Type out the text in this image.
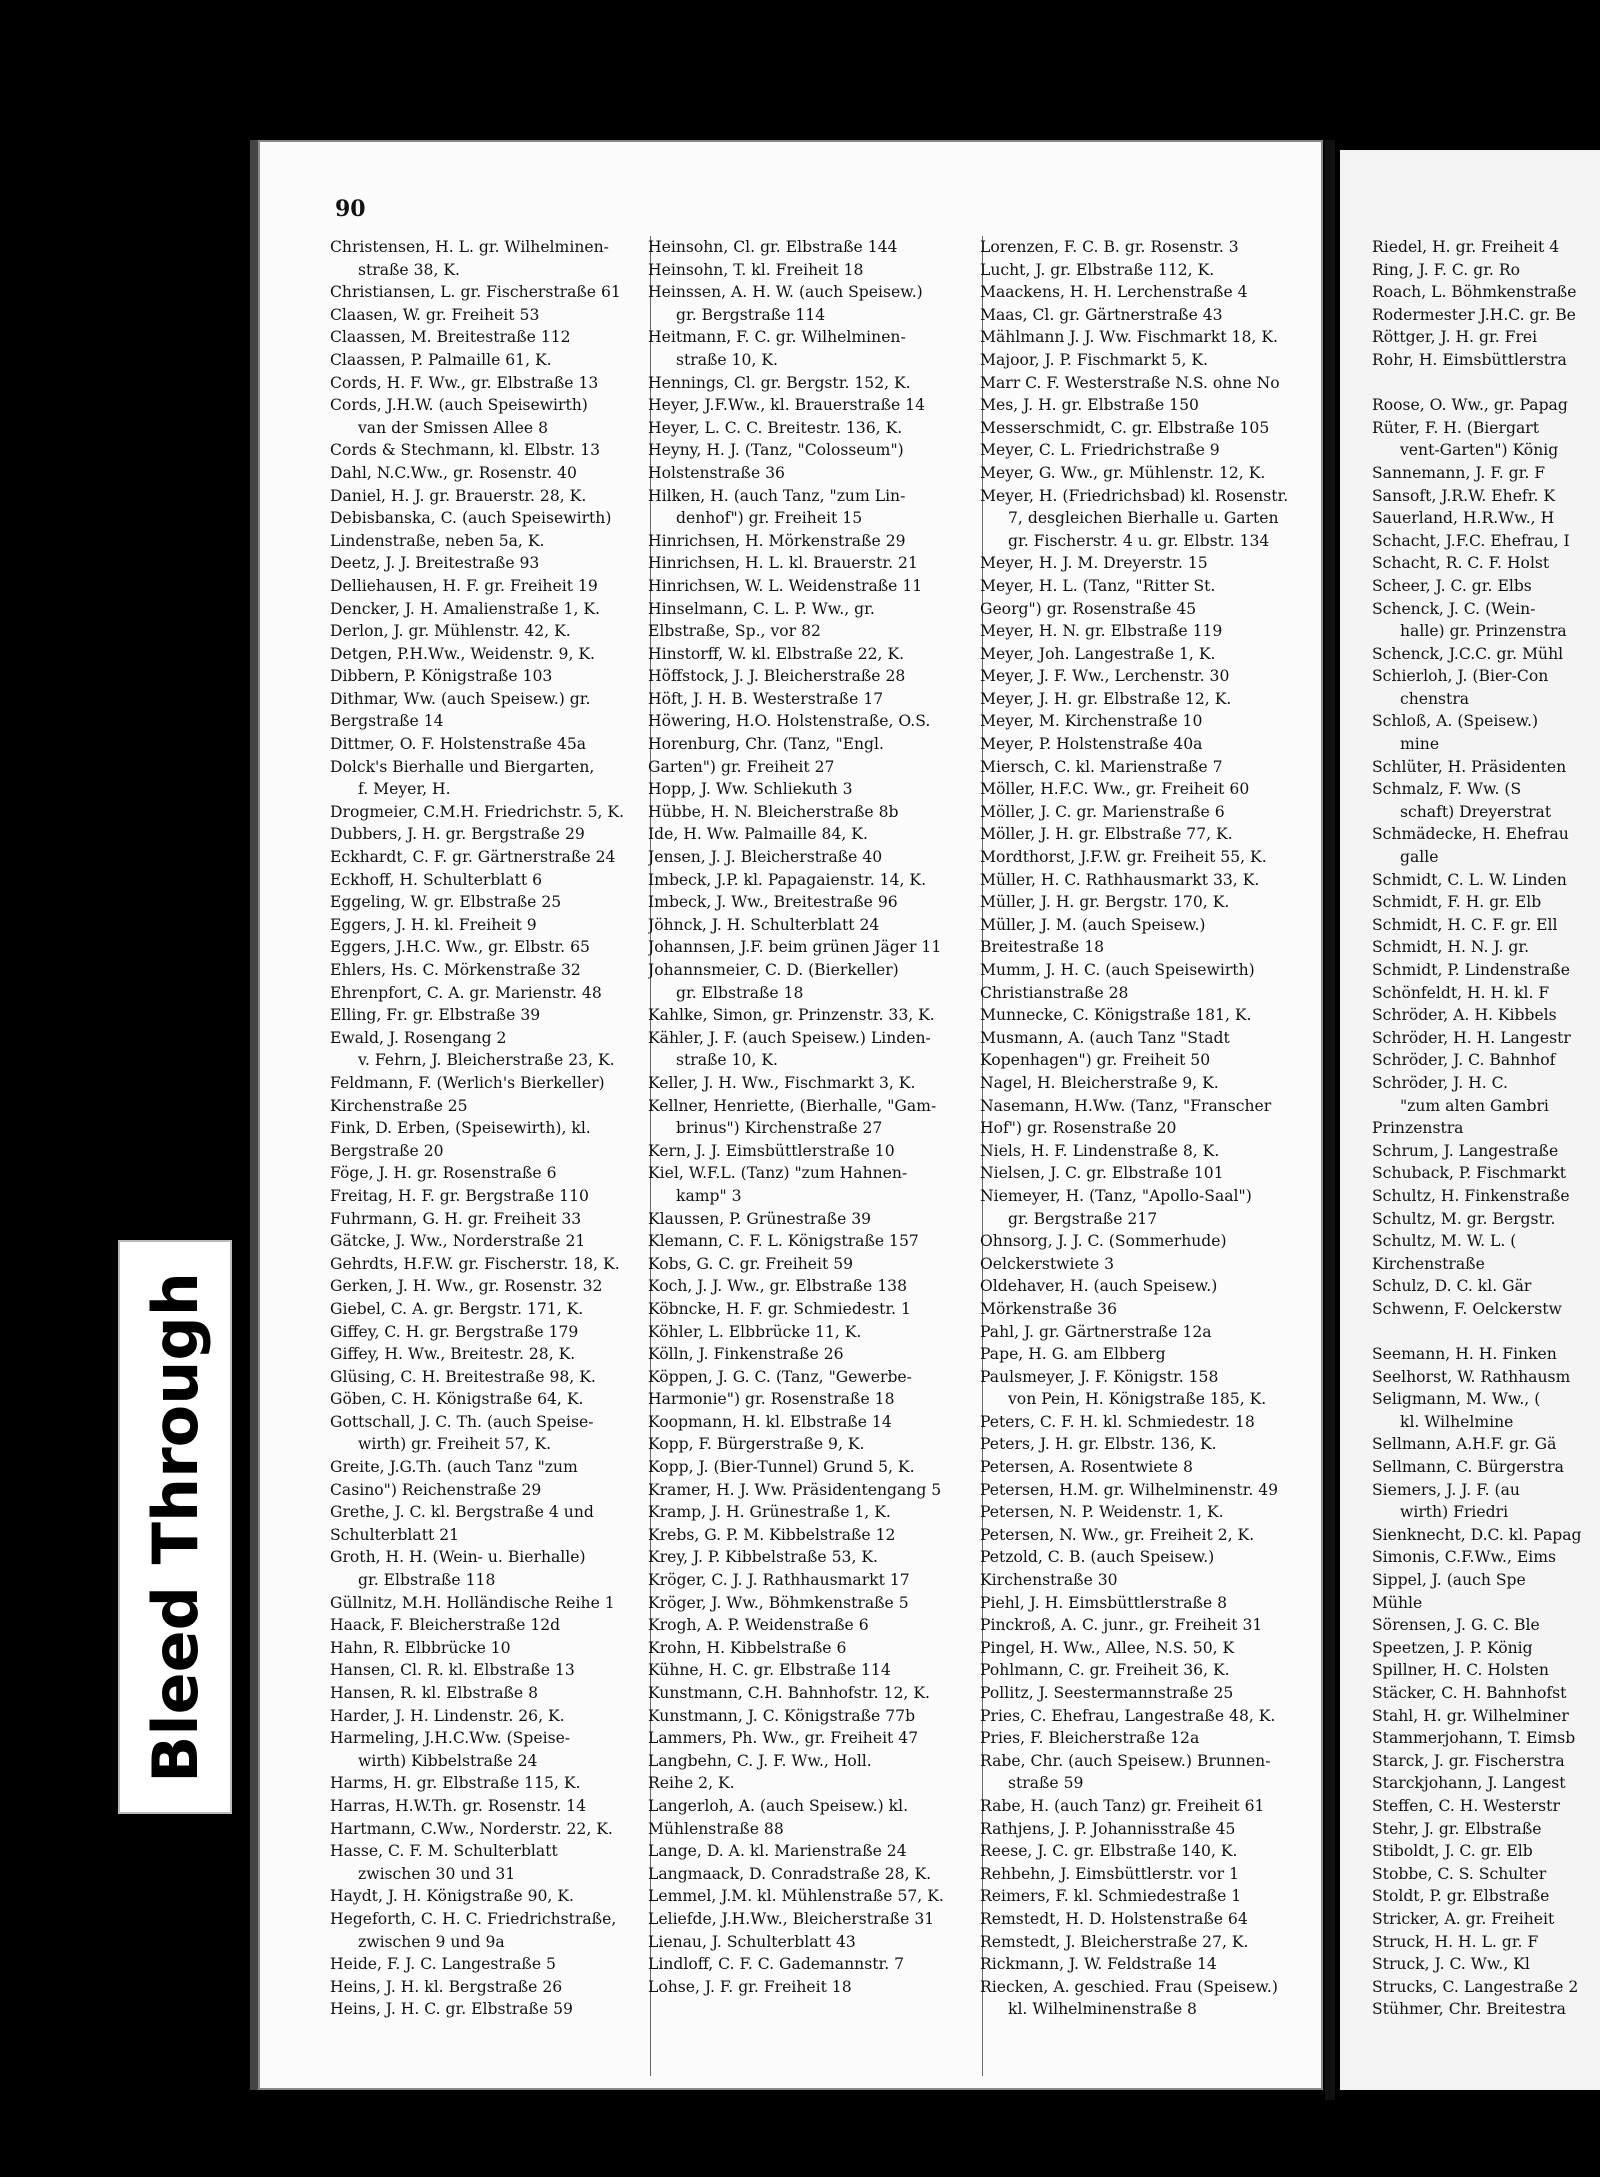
Bleed Through
90
Christensen, H. L. gr. Wilhelminen-
straße 38, K.
Christiansen, L. gr. Fischerstraße 61
Claasen, W. gr. Freiheit 53
Claassen, M. Breitestraße 112
Claassen, P. Palmaille 61, K.
Cords, H. F. Ww., gr. Elbstraße 13
Cords, J.H.W. (auch Speisewirth)
van der Smissen Allee 8
Cords & Stechmann, kl. Elbstr. 13
Dahl, N.C.Ww., gr. Rosenstr. 40
Daniel, H. J. gr. Brauerstr. 28, K.
Debisbanska, C. (auch Speisewirth)
Lindenstraße, neben 5a, K.
Deetz, J. J. Breitestraße 93
Delliehausen, H. F. gr. Freiheit 19
Dencker, J. H. Amalienstraße 1, K.
Derlon, J. gr. Mühlenstr. 42, K.
Detgen, P.H.Ww., Weidenstr. 9, K.
Dibbern, P. Königstraße 103
Dithmar, Ww. (auch Speisew.) gr.
Bergstraße 14
Dittmer, O. F. Holstenstraße 45a
Dolck's Bierhalle und Biergarten,
f. Meyer, H.
Drogmeier, C.M.H. Friedrichstr. 5, K.
Dubbers, J. H. gr. Bergstraße 29
Eckhardt, C. F. gr. Gärtnerstraße 24
Eckhoff, H. Schulterblatt 6
Eggeling, W. gr. Elbstraße 25
Eggers, J. H. kl. Freiheit 9
Eggers, J.H.C. Ww., gr. Elbstr. 65
Ehlers, Hs. C. Mörkenstraße 32
Ehrenpfort, C. A. gr. Marienstr. 48
Elling, Fr. gr. Elbstraße 39
Ewald, J. Rosengang 2
v. Fehrn, J. Bleicherstraße 23, K.
Feldmann, F. (Werlich's Bierkeller)
Kirchenstraße 25
Fink, D. Erben, (Speisewirth), kl.
Bergstraße 20
Föge, J. H. gr. Rosenstraße 6
Freitag, H. F. gr. Bergstraße 110
Fuhrmann, G. H. gr. Freiheit 33
Gätcke, J. Ww., Norderstraße 21
Gehrdts, H.F.W. gr. Fischerstr. 18, K.
Gerken, J. H. Ww., gr. Rosenstr. 32
Giebel, C. A. gr. Bergstr. 171, K.
Giffey, C. H. gr. Bergstraße 179
Giffey, H. Ww., Breitestr. 28, K.
Glüsing, C. H. Breitestraße 98, K.
Göben, C. H. Königstraße 64, K.
Gottschall, J. C. Th. (auch Speise-
wirth) gr. Freiheit 57, K.
Greite, J.G.Th. (auch Tanz "zum
Casino") Reichenstraße 29
Grethe, J. C. kl. Bergstraße 4 und
Schulterblatt 21
Groth, H. H. (Wein- u. Bierhalle)
gr. Elbstraße 118
Güllnitz, M.H. Holländische Reihe 1
Haack, F. Bleicherstraße 12d
Hahn, R. Elbbrücke 10
Hansen, Cl. R. kl. Elbstraße 13
Hansen, R. kl. Elbstraße 8
Harder, J. H. Lindenstr. 26, K.
Harmeling, J.H.C.Ww. (Speise-
wirth) Kibbelstraße 24
Harms, H. gr. Elbstraße 115, K.
Harras, H.W.Th. gr. Rosenstr. 14
Hartmann, C.Ww., Norderstr. 22, K.
Hasse, C. F. M. Schulterblatt
zwischen 30 und 31
Haydt, J. H. Königstraße 90, K.
Hegeforth, C. H. C. Friedrichstraße,
zwischen 9 und 9a
Heide, F. J. C. Langestraße 5
Heins, J. H. kl. Bergstraße 26
Heins, J. H. C. gr. Elbstraße 59
Heinsohn, Cl. gr. Elbstraße 144
Heinsohn, T. kl. Freiheit 18
Heinssen, A. H. W. (auch Speisew.)
gr. Bergstraße 114
Heitmann, F. C. gr. Wilhelminen-
straße 10, K.
Hennings, Cl. gr. Bergstr. 152, K.
Heyer, J.F.Ww., kl. Brauerstraße 14
Heyer, L. C. C. Breitestr. 136, K.
Heyny, H. J. (Tanz, "Colosseum")
Holstenstraße 36
Hilken, H. (auch Tanz, "zum Lin-
denhof") gr. Freiheit 15
Hinrichsen, H. Mörkenstraße 29
Hinrichsen, H. L. kl. Brauerstr. 21
Hinrichsen, W. L. Weidenstraße 11
Hinselmann, C. L. P. Ww., gr.
Elbstraße, Sp., vor 82
Hinstorff, W. kl. Elbstraße 22, K.
Höffstock, J. J. Bleicherstraße 28
Höft, J. H. B. Westerstraße 17
Höwering, H.O. Holstenstraße, O.S.
Horenburg, Chr. (Tanz, "Engl.
Garten") gr. Freiheit 27
Hopp, J. Ww. Schliekuth 3
Hübbe, H. N. Bleicherstraße 8b
Ide, H. Ww. Palmaille 84, K.
Jensen, J. J. Bleicherstraße 40
Imbeck, J.P. kl. Papagaienstr. 14, K.
Imbeck, J. Ww., Breitestraße 96
Jöhnck, J. H. Schulterblatt 24
Johannsen, J.F. beim grünen Jäger 11
Johannsmeier, C. D. (Bierkeller)
gr. Elbstraße 18
Kahlke, Simon, gr. Prinzenstr. 33, K.
Kähler, J. F. (auch Speisew.) Linden-
straße 10, K.
Keller, J. H. Ww., Fischmarkt 3, K.
Kellner, Henriette, (Bierhalle, "Gam-
brinus") Kirchenstraße 27
Kern, J. J. Eimsbüttlerstraße 10
Kiel, W.F.L. (Tanz) "zum Hahnen-
kamp" 3
Klaussen, P. Grünestraße 39
Klemann, C. F. L. Königstraße 157
Kobs, G. C. gr. Freiheit 59
Koch, J. J. Ww., gr. Elbstraße 138
Köbncke, H. F. gr. Schmiedestr. 1
Köhler, L. Elbbrücke 11, K.
Kölln, J. Finkenstraße 26
Köppen, J. G. C. (Tanz, "Gewerbe-
Harmonie") gr. Rosenstraße 18
Koopmann, H. kl. Elbstraße 14
Kopp, F. Bürgerstraße 9, K.
Kopp, J. (Bier-Tunnel) Grund 5, K.
Kramer, H. J. Ww. Präsidentengang 5
Kramp, J. H. Grünestraße 1, K.
Krebs, G. P. M. Kibbelstraße 12
Krey, J. P. Kibbelstraße 53, K.
Kröger, C. J. J. Rathhausmarkt 17
Kröger, J. Ww., Böhmkenstraße 5
Krogh, A. P. Weidenstraße 6
Krohn, H. Kibbelstraße 6
Kühne, H. C. gr. Elbstraße 114
Kunstmann, C.H. Bahnhofstr. 12, K.
Kunstmann, J. C. Königstraße 77b
Lammers, Ph. Ww., gr. Freiheit 47
Langbehn, C. J. F. Ww., Holl.
Reihe 2, K.
Langerloh, A. (auch Speisew.) kl.
Mühlenstraße 88
Lange, D. A. kl. Marienstraße 24
Langmaack, D. Conradstraße 28, K.
Lemmel, J.M. kl. Mühlenstraße 57, K.
Leliefde, J.H.Ww., Bleicherstraße 31
Lienau, J. Schulterblatt 43
Lindloff, C. F. C. Gademannstr. 7
Lohse, J. F. gr. Freiheit 18
Lorenzen, F. C. B. gr. Rosenstr. 3
Lucht, J. gr. Elbstraße 112, K.
Maackens, H. H. Lerchenstraße 4
Maas, Cl. gr. Gärtnerstraße 43
Mählmann J. J. Ww. Fischmarkt 18, K.
Majoor, J. P. Fischmarkt 5, K.
Marr C. F. Westerstraße N.S. ohne No
Mes, J. H. gr. Elbstraße 150
Messerschmidt, C. gr. Elbstraße 105
Meyer, C. L. Friedrichstraße 9
Meyer, G. Ww., gr. Mühlenstr. 12, K.
Meyer, H. (Friedrichsbad) kl. Rosenstr.
7, desgleichen Bierhalle u. Garten
gr. Fischerstr. 4 u. gr. Elbstr. 134
Meyer, H. J. M. Dreyerstr. 15
Meyer, H. L. (Tanz, "Ritter St.
Georg") gr. Rosenstraße 45
Meyer, H. N. gr. Elbstraße 119
Meyer, Joh. Langestraße 1, K.
Meyer, J. F. Ww., Lerchenstr. 30
Meyer, J. H. gr. Elbstraße 12, K.
Meyer, M. Kirchenstraße 10
Meyer, P. Holstenstraße 40a
Miersch, C. kl. Marienstraße 7
Möller, H.F.C. Ww., gr. Freiheit 60
Möller, J. C. gr. Marienstraße 6
Möller, J. H. gr. Elbstraße 77, K.
Mordthorst, J.F.W. gr. Freiheit 55, K.
Müller, H. C. Rathhausmarkt 33, K.
Müller, J. H. gr. Bergstr. 170, K.
Müller, J. M. (auch Speisew.)
Breitestraße 18
Mumm, J. H. C. (auch Speisewirth)
Christianstraße 28
Munnecke, C. Königstraße 181, K.
Musmann, A. (auch Tanz "Stadt
Kopenhagen") gr. Freiheit 50
Nagel, H. Bleicherstraße 9, K.
Nasemann, H.Ww. (Tanz, "Franscher
Hof") gr. Rosenstraße 20
Niels, H. F. Lindenstraße 8, K.
Nielsen, J. C. gr. Elbstraße 101
Niemeyer, H. (Tanz, "Apollo-Saal")
gr. Bergstraße 217
Ohnsorg, J. J. C. (Sommerhude)
Oelckerstwiete 3
Oldehaver, H. (auch Speisew.)
Mörkenstraße 36
Pahl, J. gr. Gärtnerstraße 12a
Pape, H. G. am Elbberg
Paulsmeyer, J. F. Königstr. 158
von Pein, H. Königstraße 185, K.
Peters, C. F. H. kl. Schmiedestr. 18
Peters, J. H. gr. Elbstr. 136, K.
Petersen, A. Rosentwiete 8
Petersen, H.M. gr. Wilhelminenstr. 49
Petersen, N. P. Weidenstr. 1, K.
Petersen, N. Ww., gr. Freiheit 2, K.
Petzold, C. B. (auch Speisew.)
Kirchenstraße 30
Piehl, J. H. Eimsbüttlerstraße 8
Pinckroß, A. C. junr., gr. Freiheit 31
Pingel, H. Ww., Allee, N.S. 50, K
Pohlmann, C. gr. Freiheit 36, K.
Pollitz, J. Seestermannstraße 25
Pries, C. Ehefrau, Langestraße 48, K.
Pries, F. Bleicherstraße 12a
Rabe, Chr. (auch Speisew.) Brunnen-
straße 59
Rabe, H. (auch Tanz) gr. Freiheit 61
Rathjens, J. P. Johannisstraße 45
Reese, J. C. gr. Elbstraße 140, K.
Rehbehn, J. Eimsbüttlerstr. vor 1
Reimers, F. kl. Schmiedestraße 1
Remstedt, H. D. Holstenstraße 64
Remstedt, J. Bleicherstraße 27, K.
Rickmann, J. W. Feldstraße 14
Riecken, A. geschied. Frau (Speisew.)
kl. Wilhelminenstraße 8
Riedel, H. gr. Freiheit 4
Ring, J. F. C. gr. Ro
Roach, L. Böhmkenstraße
Rodermester J.H.C. gr. Be
Röttger, J. H. gr. Frei
Rohr, H. Eimsbüttlerstra

Roose, O. Ww., gr. Papag
Rüter, F. H. (Biergart
vent-Garten") König
Sannemann, J. F. gr. F
Sansoft, J.R.W. Ehefr. K
Sauerland, H.R.Ww., H
Schacht, J.F.C. Ehefrau, I
Schacht, R. C. F. Holst
Scheer, J. C. gr. Elbs
Schenck, J. C. (Wein-
halle) gr. Prinzenstra
Schenck, J.C.C. gr. Mühl
Schierloh, J. (Bier-Con
chenstra
Schloß, A. (Speisew.)
mine
Schlüter, H. Präsidenten
Schmalz, F. Ww. (S
schaft) Dreyerstrat
Schmädecke, H. Ehefrau
galle
Schmidt, C. L. W. Linden
Schmidt, F. H. gr. Elb
Schmidt, H. C. F. gr. Ell
Schmidt, H. N. J. gr.
Schmidt, P. Lindenstraße
Schönfeldt, H. H. kl. F
Schröder, A. H. Kibbels
Schröder, H. H. Langestr
Schröder, J. C. Bahnhof
Schröder, J. H. C.
"zum alten Gambri
Prinzenstra
Schrum, J. Langestraße
Schuback, P. Fischmarkt
Schultz, H. Finkenstraße
Schultz, M. gr. Bergstr.
Schultz, M. W. L. (
Kirchenstraße
Schulz, D. C. kl. Gär
Schwenn, F. Oelckerstw

Seemann, H. H. Finken
Seelhorst, W. Rathhausm
Seligmann, M. Ww., (
kl. Wilhelmine
Sellmann, A.H.F. gr. Gä
Sellmann, C. Bürgerstra
Siemers, J. J. F. (au
wirth) Friedri
Sienknecht, D.C. kl. Papag
Simonis, C.F.Ww., Eims
Sippel, J. (auch Spe
Mühle
Sörensen, J. G. C. Ble
Speetzen, J. P. König
Spillner, H. C. Holsten
Stäcker, C. H. Bahnhofst
Stahl, H. gr. Wilhelminer
Stammerjohann, T. Eimsb
Starck, J. gr. Fischerstra
Starckjohann, J. Langest
Steffen, C. H. Westerstr
Stehr, J. gr. Elbstraße
Stiboldt, J. C. gr. Elb
Stobbe, C. S. Schulter
Stoldt, P. gr. Elbstraße
Stricker, A. gr. Freiheit
Struck, H. H. L. gr. F
Struck, J. C. Ww., Kl
Strucks, C. Langestraße 2
Stühmer, Chr. Breitestra
